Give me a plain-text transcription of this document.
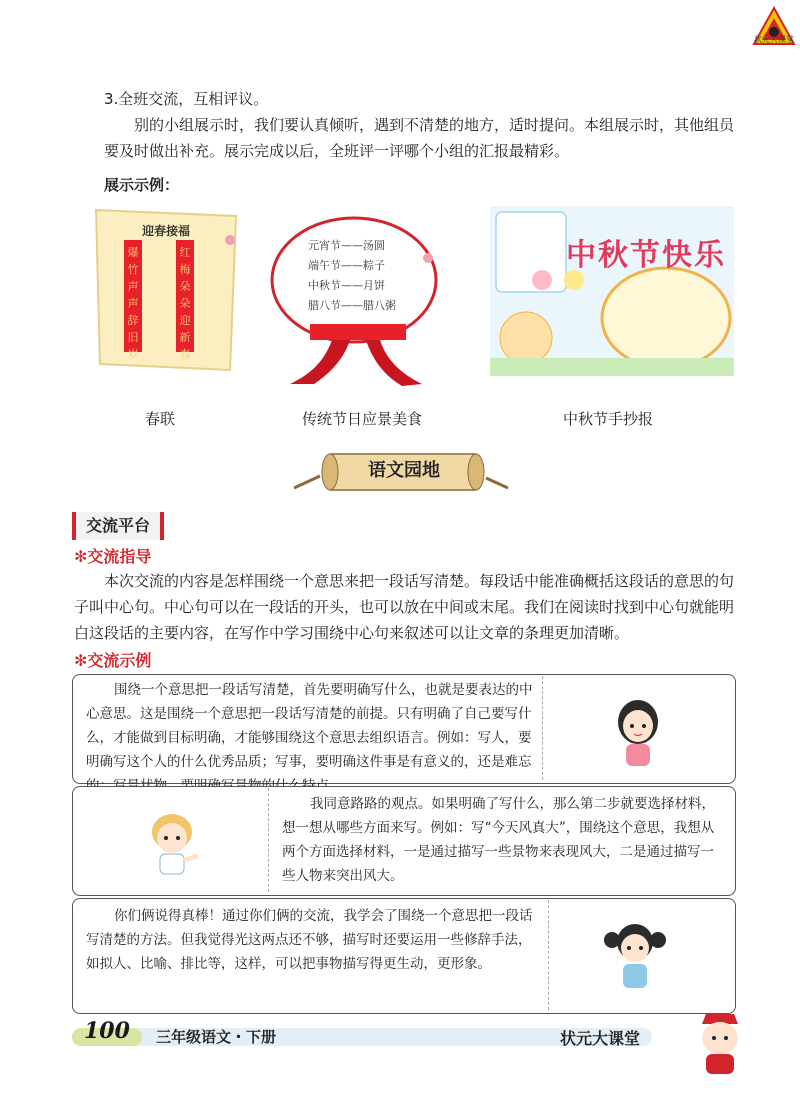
状元大课堂
3.全班交流，互相评议。
别的小组展示时，我们要认真倾听，遇到不清楚的地方，适时提问。本组展示时，其他组员要及时做出补充。展示完成以后，全班评一评哪个小组的汇报最精彩。
展示示例：
迎春接福
爆竹声声辞旧岁
红梅朵朵迎新春
元宵节——汤圆
端午节——粽子
中秋节——月饼
腊八节——腊八粥
中秋节快乐
春联	传统节日应景美食	中秋节手抄报
语文园地
交流平台
✻交流指导
本次交流的内容是怎样围绕一个意思来把一段话写清楚。每段话中能准确概括这段话的意思的句子叫中心句。中心句可以在一段话的开头，也可以放在中间或末尾。我们在阅读时找到中心句就能明白这段话的主要内容，在写作中学习围绕中心句来叙述可以让文章的条理更加清晰。
✻交流示例
围绕一个意思把一段话写清楚，首先要明确写什么，也就是要表达的中心意思。这是围绕一个意思把一段话写清楚的前提。只有明确了自己要写什么，才能做到目标明确，才能够围绕这个意思去组织语言。例如：写人，要明确写这个人的什么优秀品质；写事，要明确这件事是有意义的，还是难忘
我同意路路的观点。如果明确了写什么，那么第二步就要选择材料，想一想从哪些方面来写。例如：写“今天风真大”，围绕这个意思，我想从两个方面选择材料，一是通过描写一些景物来表现风大，二是通过描写一些人物来突出风大。
你们俩说得真棒！通过你们俩的交流，我学会了围绕一个意思把一段话写清楚的方法。但我觉得光这两点还不够，描写时还要运用一些修辞手法，如拟人、比喻、排比等，这样，可以把事物描写得更生动，更形象。
100 三年级语文・下册	状元大课堂
